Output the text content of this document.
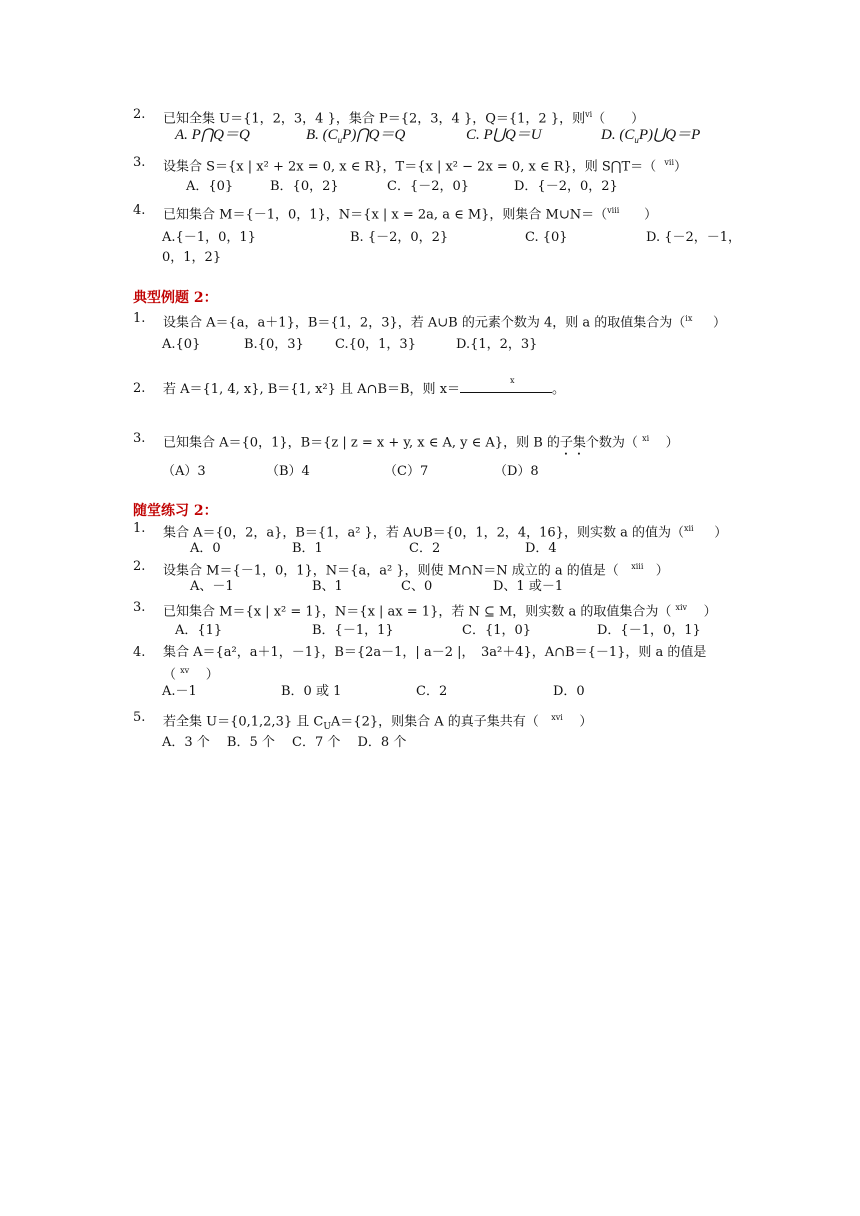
2. 已知全集 U＝{1，2，3，4 }，集合 P＝{2，3，4 }，Q＝{1，2 }，则$^{vi}$（　　）
A. P⋂Q＝Q	B. $(C_uP)⋂Q=Q$	C. P⋃Q＝U	D. $(C_uP)⋃Q=P$
3. 设集合 S＝{x | x² + 2x = 0, x ∈ R}，T＝{x | x² − 2x = 0, x ∈ R}，则 S⋂T＝（ $^{vii}$）
A．{0}	B．{0，2}	C．{－2，0}	D．{－2，0，2}
4. 已知集合 M＝{－1，0，1}，N＝{x | x = 2a, a ∈ M}，则集合 M∪N＝（$^{viii}$ ）
A.{－1，0，1}	B. {－2，0，2}	C. {0}	D. {－2，－1，
0，1，2}
典型例题 2：
1. 设集合 A＝{a，a＋1}，B＝{1，2，3}，若 A∪B 的元素个数为 4，则 a 的取值集合为（$^{ix}$ ）
A.{0}	B.{0，3} C.{0，1，3}	D.{1，2，3}
2. 若 A＝{1, 4, x}, B＝{1, x²} 且 A∩B＝B，则 x＝
x
。
3. 已知集合 A＝{0，1}，B＝{z | z = x + y, x ∈ A, y ∈ A}，则 B 的子集个数为（ $^{xi}$ ）
（A）3	（B）4	（C）7	（D）8
随堂练习 2：
1. 集合 A＝{0，2，a}，B＝{1，a² }，若 A∪B＝{0，1，2，4，16}，则实数 a 的值为（$^{xii}$ ）
A．0	B．1	C．2	D．4
2. 设集合 M＝{－1，0，1}，N＝{a，a² }，则使 M∩N＝N 成立的 a 的值是（ $^{xiii}$ ）
A、－1	B、1	C、0	D、1 或－1
3. 已知集合 M＝{x | x² = 1}，N＝{x | ax = 1}，若 N ⊆ M，则实数 a 的取值集合为（ $^{xiv}$ ）
A．{1}	B．{－1，1}	C．{1，0}	D．{－1，0，1}
4. 集合 A＝{a²，a＋1，－1}，B＝{2a－1，| a－2 |，　3a²＋4}，A∩B＝{－1}，则 a 的值是
（ $^{xv}$ ）
A.－1	B．0 或 1	C．2	D．0
5. 若全集 U＝{0,1,2,3} 且 $C_UA=\{2\}$，则集合 A 的真子集共有（ $^{xvi}$ ）
A．3 个　 B．5 个　 C．7 个　 D．8 个
